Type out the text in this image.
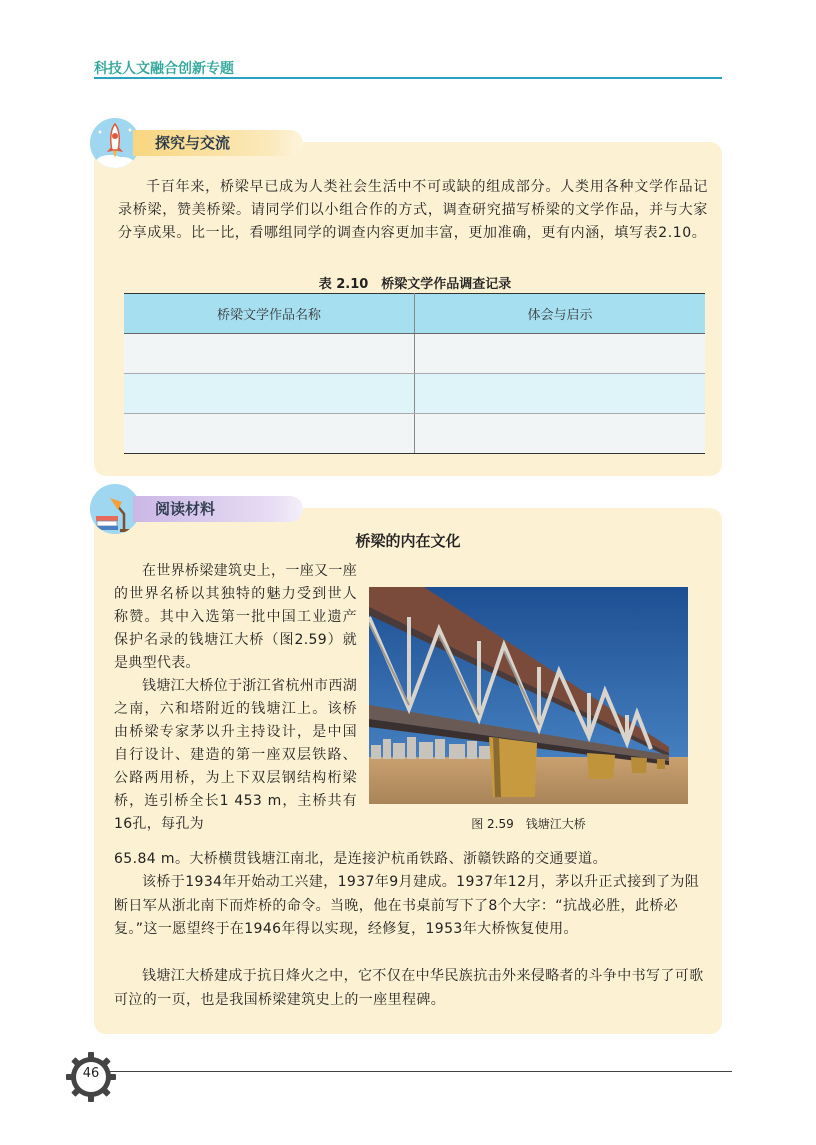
科技人文融合创新专题
探究与交流
千百年来，桥梁早已成为人类社会生活中不可或缺的组成部分。人类用各种文学作品记录桥梁，赞美桥梁。请同学们以小组合作的方式，调查研究描写桥梁的文学作品，并与大家分享成果。比一比，看哪组同学的调查内容更加丰富，更加准确，更有内涵，填写表2.10。
表 2.10　桥梁文学作品调查记录
桥梁文学作品名称	体会与启示

阅读材料
桥梁的内在文化

在世界桥梁建筑史上，一座又一座的世界名桥以其独特的魅力受到世人称赞。其中入选第一批中国工业遗产保护名录的钱塘江大桥（图2.59）就是典型代表。

钱塘江大桥位于浙江省杭州市西湖之南，六和塔附近的钱塘江上。该桥由桥梁专家茅以升主持设计，是中国自行设计、建造的第一座双层铁路、公路两用桥，为上下双层钢结构桁梁桥，连引桥全长1 453 m，主桥共有16孔，每孔为

65.84 m。大桥横贯钱塘江南北，是连接沪杭甬铁路、浙赣铁路的交通要道。
该桥于1934年开始动工兴建，1937年9月建成。1937年12月，茅以升正式接到了为阻断日军从浙北南下而炸桥的命令。当晚，他在书桌前写下了8个大字：“抗战必胜，此桥必复。”这一愿望终于在1946年得以实现，经修复，1953年大桥恢复使用。
钱塘江大桥建成于抗日烽火之中，它不仅在中华民族抗击外来侵略者的斗争中书写了可歌可泣的一页，也是我国桥梁建筑史上的一座里程碑。
图 2.59　钱塘江大桥
46
